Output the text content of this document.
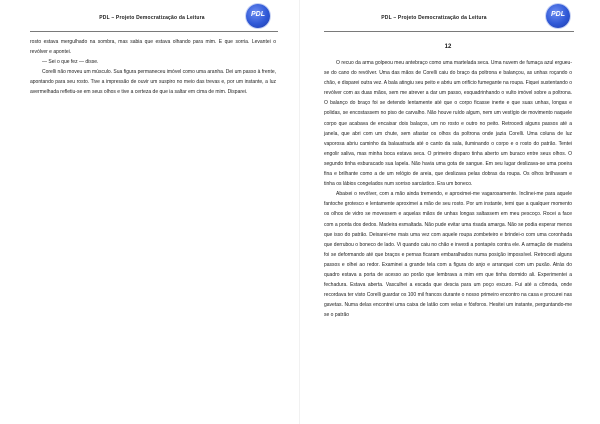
PDL – Projeto Democratização da Leitura	PDL

rosto estava mergulhado na sombra, mas sabia que estava olhando para mim. E que sorria. Levantei o revólver e apontei.

— Sei o que fez — disse.

Corelli não moveu um músculo. Sua figura permaneceu imóvel como uma aranha. Dei um passo à frente, apontando para seu rosto. Tive a impressão de ouvir um suspiro no meio das trevas e, por um instante, a luz avermelhada refletiu-se em seus olhos e tive a certeza de que ia saltar em cima de mim. Disparei.

PDL – Projeto Democratização da Leitura	PDL
12

O recuo da arma golpeou meu antebraço como uma martelada seca. Uma nuvem de fumaça azul ergueu-se do cano do revólver. Uma das mãos de Corelli caiu do braço da poltrona e balançou, as unhas roçando o chão, e disparei outra vez. A bala atingiu seu peito e abriu um orifício fumegante na roupa. Fiquei sustentando o revólver com as duas mãos, sem me atrever a dar um passo, esquadrinhando o vulto imóvel sobre a poltrona. O balanço do braço foi se detendo lentamente até que o corpo ficasse inerte e que suas unhas, longas e polidas, se encostassem no piso de carvalho. Não houve ruído algum, nem um vestígio de movimento naquele corpo que acabava de encaixar dois balaços, um no rosto e outro no peito. Retrocedi alguns passos até a janela, que abri com um chute, sem afastar os olhos da poltrona onde jazia Corelli. Uma coluna de luz vaporosa abriu caminho da balaustrada até o canto da sala, iluminando o corpo e o rosto do patrão. Tentei engolir saliva, mas minha boca estava seca. O primeiro disparo tinha aberto um buraco entre seus olhos. O segundo tinha esburacado sua lapela. Não havia uma gota de sangue. Em seu lugar deslizava-se uma poeira fina e brilhante como a de um relógio de areia, que deslizava pelas dobras da roupa. Os olhos brilhavam e tinha os lábios congelados num sorriso sarcástico. Era um boneco.

Abaixei o revólver, com a mão ainda tremendo, e aproximei-me vagarosamente. Inclinei-me para aquele fantoche grotesco e lentamente aproximei a mão de seu rosto. Por um instante, temi que a qualquer momento os olhos de vidro se movessem e aquelas mãos de unhas longas saltassem em meu pescoço. Rocei a face com a ponta dos dedos. Madeira esmaltada. Não pude evitar uma risada amarga. Não se podia esperar menos que isso do patrão. Deixarei-me mais uma vez com aquele roupa zombeteiro e brindei-o com uma coronhada que derrubou o boneco de lado. Vi quando caiu no chão e investi a pontapés contra ele. A armação de madeira foi se deformando até que braços e pernas ficaram embaralhados numa posição impossível. Retrocedi alguns passos e olhei ao redor. Examinei a grande tela com a figura do anjo e arranquei com um puxão. Atrás do quadro estava a porta de acesso ao porão que lembrava a mim em que tinha dormido ali. Experimentei a fechadura. Estava aberta. Vasculhei a escada que descia para um poço escuro. Fui até a cômoda, onde recordava ter visto Corelli guardar os 100 mil francos durante o nosso primeiro encontro na casa e procurei nas gavetas. Numa delas encontrei uma caixa de latão com velas e fósforos. Hesitei um instante, perguntando-me se o patrão
